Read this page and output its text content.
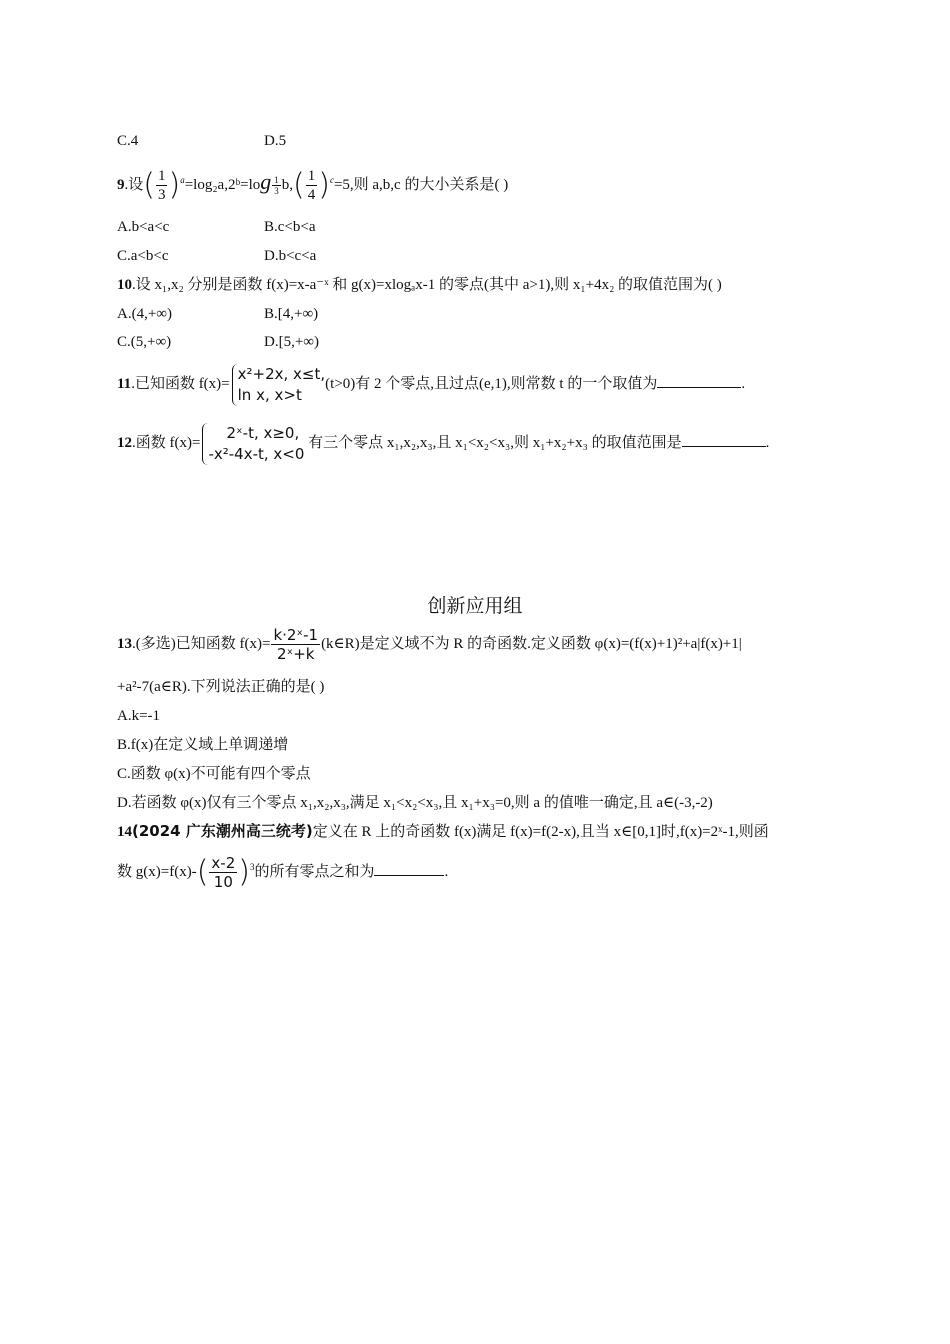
C.4	D.5
9.设( $\frac{1}{3}$ )$^a$=log₂a,2ᵇ=log $\frac{1}{3} b,( \frac{1}{4} )^c=5$,则 a,b,c 的大小关系是( )
A.b<a<c	B.c<b<a
C.a<b<c	D.b<c<a
10.设 x₁,x₂ 分别是函数 f(x)=x-a⁻ˣ 和 g(x)=xlogₐx-1 的零点(其中 a>1),则 x₁+4x₂ 的取值范围为( )
A.(4,+∞)	B.[4,+∞)
C.(5,+∞)	D.[5,+∞)
11.已知函数 f(x)=
x²+2x, x≤t,
ln x, x>t
(t>0)有 2 个零点,且过点(e,1),则常数 t 的一个取值为	.
12.函数 f(x)=
2ˣ-t, x≥0,
-x²-4x-t, x<0
有三个零点 x₁,x₂,x₃,且 x₁<x₂<x₃,则 x₁+x₂+x₃ 的取值范围是	.
创新应用组
13.(多选)已知函数 $f(x)= \frac{\text{k·2ˣ-1}}{\text{2ˣ+k}}$ (k∈R)是定义域不为 R 的奇函数.定义函数 φ(x)=(f(x)+1)²+a|f(x)+1|
+a²-7(a∈R).下列说法正确的是( )
A.k=-1
B.f(x)在定义域上单调递增
C.函数 φ(x)不可能有四个零点
D.若函数 φ(x)仅有三个零点 x₁,x₂,x₃,满足 x₁<x₂<x₃,且 x₁+x₃=0,则 a 的值唯一确定,且 a∈(-3,-2)
14(2024 广东潮州高三统考)定义在 R 上的奇函数 f(x)满足 f(x)=f(2-x),且当 x∈[0,1]时,f(x)=2ˣ-1,则函
数 $g(x)=f(x)-( \frac{x-2}{10} )^3$的所有零点之和为	.
